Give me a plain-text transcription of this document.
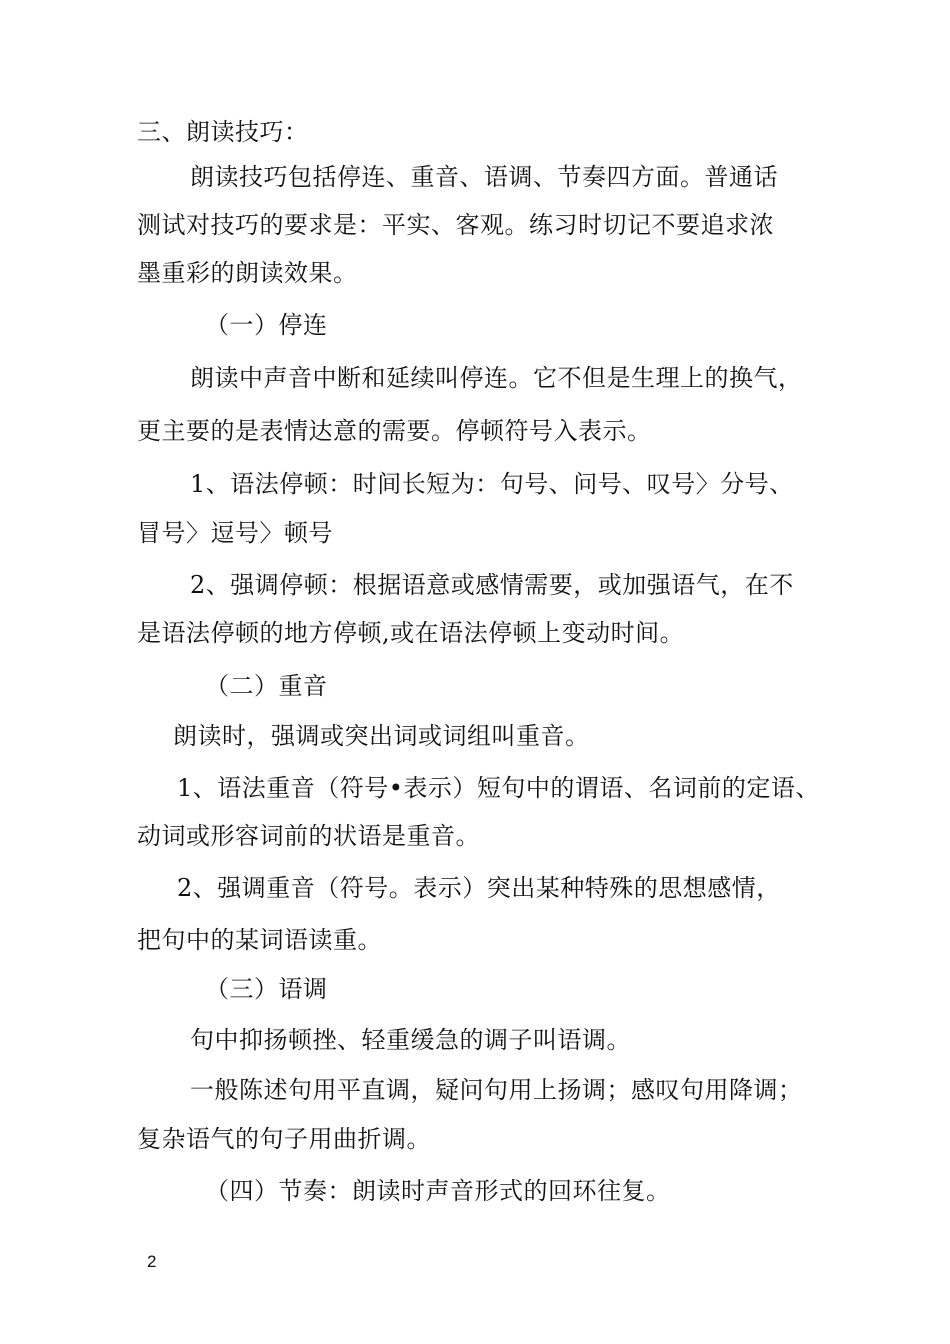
三、朗读技巧：
朗读技巧包括停连、重音、语调、节奏四方面。普通话
测试对技巧的要求是：平实、客观。练习时切记不要追求浓
墨重彩的朗读效果。
（一）停连
朗读中声音中断和延续叫停连。它不但是生理上的换气，
更主要的是表情达意的需要。停顿符号入表示。
1、语法停顿：时间长短为：句号、问号、叹号〉分号、
冒号〉逗号〉顿号
2、强调停顿：根据语意或感情需要，或加强语气，在不
是语法停顿的地方停顿,或在语法停顿上变动时间。
（二）重音
朗读时，强调或突出词或词组叫重音。
1、语法重音（符号•表示）短句中的谓语、名词前的定语、
动词或形容词前的状语是重音。
2、强调重音（符号。表示）突出某种特殊的思想感情，
把句中的某词语读重。
（三）语调
句中抑扬顿挫、轻重缓急的调子叫语调。
一般陈述句用平直调，疑问句用上扬调；感叹句用降调；
复杂语气的句子用曲折调。
（四）节奏：朗读时声音形式的回环往复。
2
